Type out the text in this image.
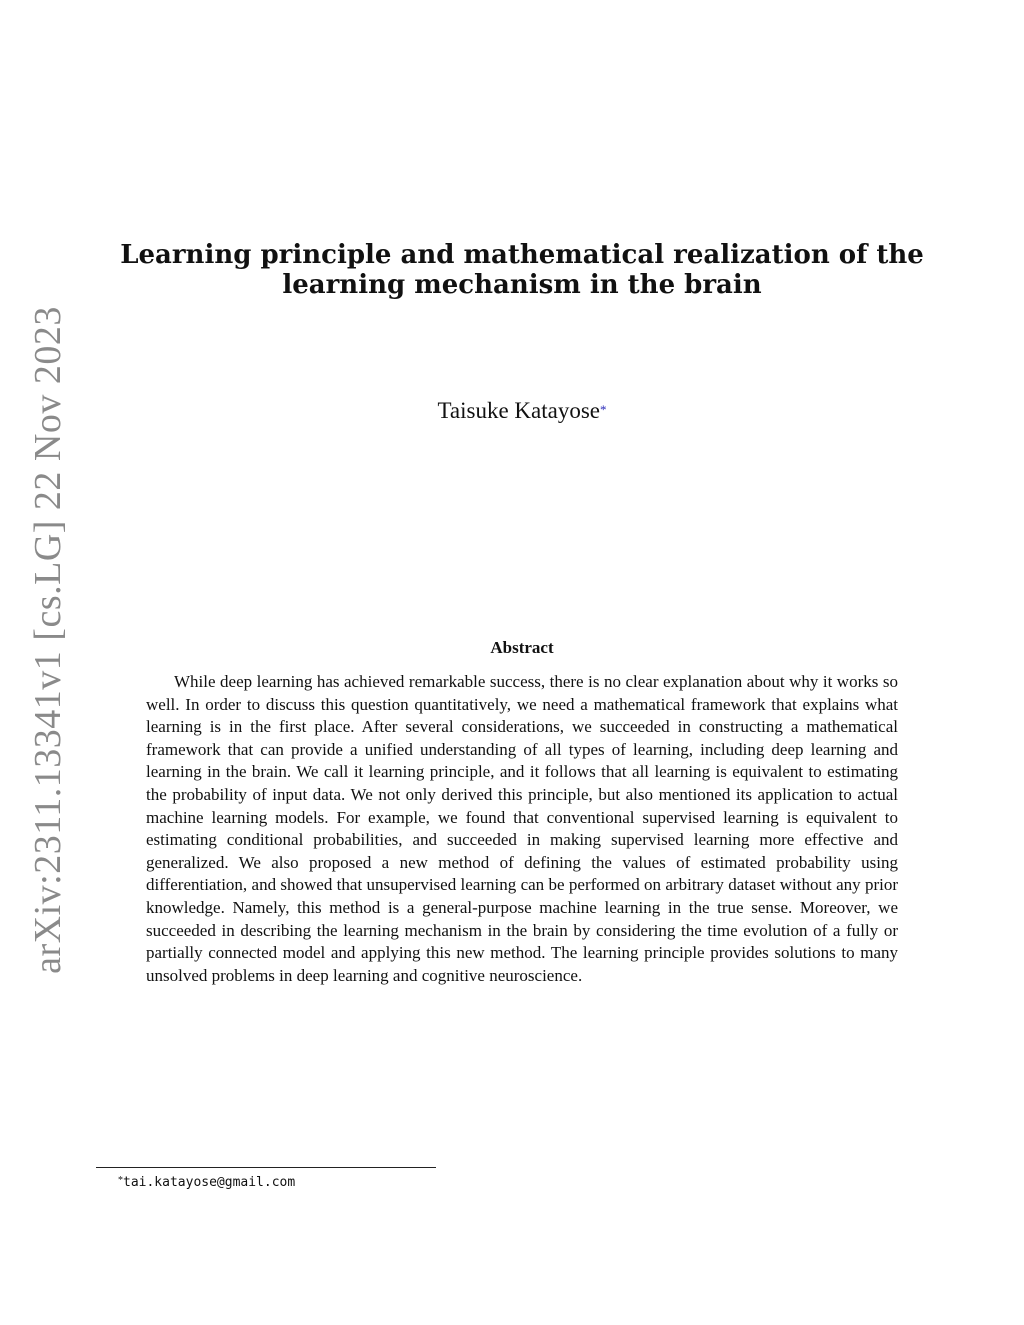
arXiv:2311.13341v1 [cs.LG] 22 Nov 2023
Learning principle and mathematical realization of the
learning mechanism in the brain
Taisuke Katayose*
Abstract

While deep learning has achieved remarkable success, there is no clear explanation about why it works so well. In order to discuss this question quantitatively, we need a mathematical framework that explains what learning is in the first place. After several considerations, we succeeded in constructing a mathematical framework that can provide a unified understanding of all types of learning, including deep learning and learning in the brain. We call it learning principle, and it follows that all learning is equivalent to estimating the probability of input data. We not only derived this principle, but also mentioned its application to actual machine learning models. For example, we found that conventional supervised learning is equivalent to estimating conditional probabilities, and succeeded in making supervised learning more effective and generalized. We also proposed a new method of defining the values of estimated probability using differentiation, and showed that unsupervised learning can be performed on arbitrary dataset without any prior knowledge. Namely, this method is a general-purpose machine learning in the true sense. Moreover, we succeeded in describing the learning mechanism in the brain by considering the time evolution of a fully or partially connected model and applying this new method. The learning principle provides solutions to many unsolved problems in deep learning and cognitive neuroscience.

*tai.katayose@gmail.com
